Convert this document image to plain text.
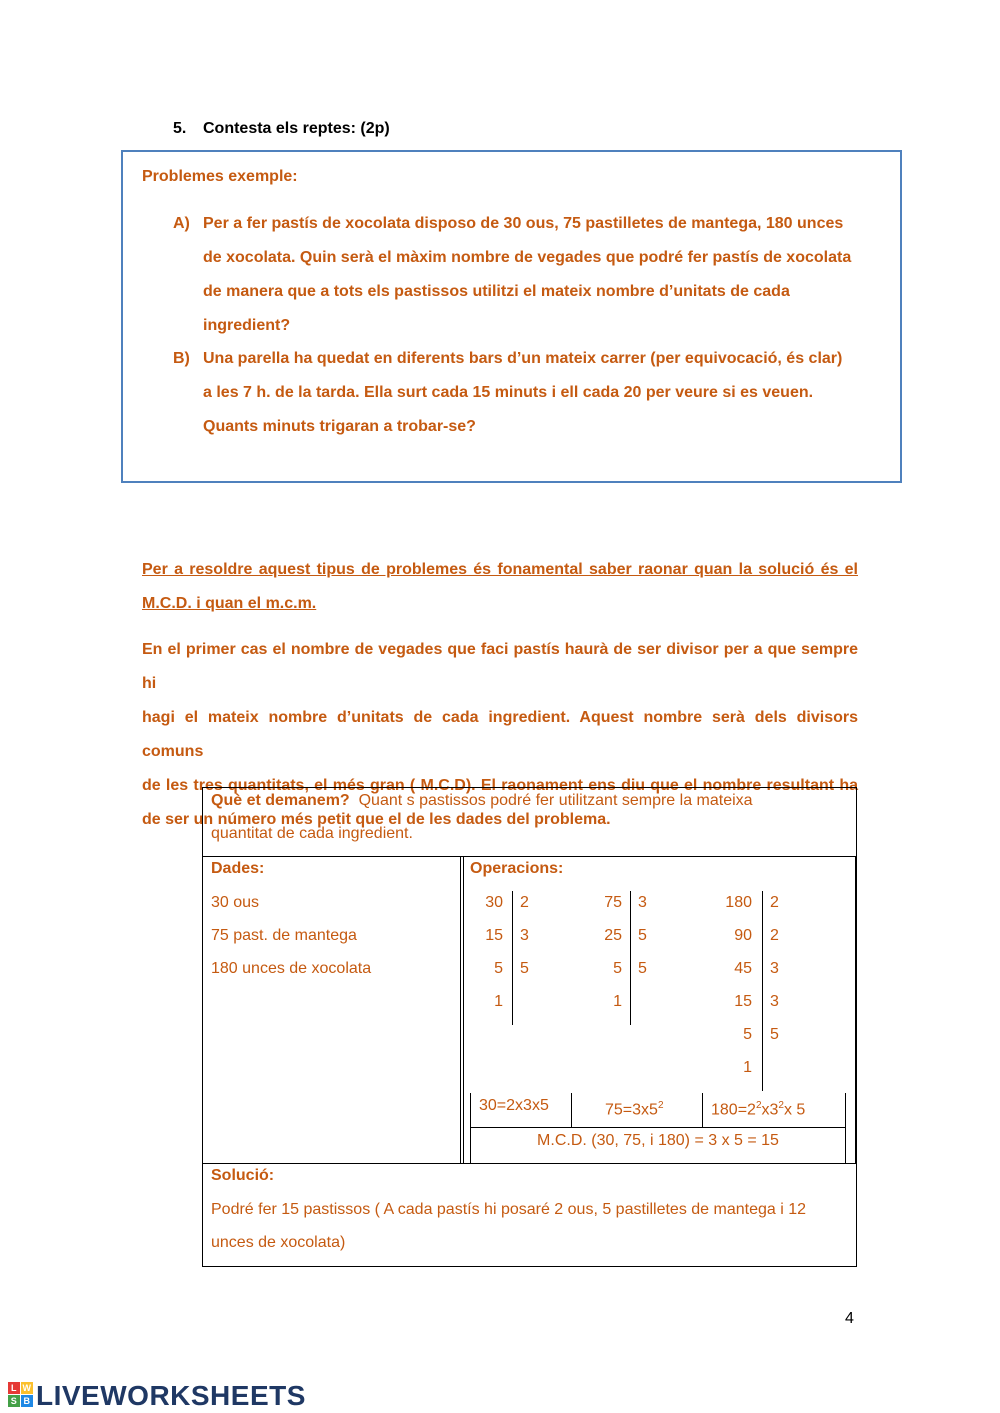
5. Contesta els reptes: (2p)
Problemes exemple:
A) Per a fer pastís de xocolata disposo de 30 ous, 75 pastilletes de mantega, 180 unces
de xocolata. Quin serà el màxim nombre de vegades que podré fer pastís de xocolata
de manera que a tots els pastissos utilitzi el mateix nombre d’unitats de cada
ingredient?
B) Una parella ha quedat en diferents bars d’un mateix carrer (per equivocació, és clar)
a les 7 h. de la tarda. Ella surt cada 15 minuts i ell cada 20 per veure si es veuen.
Quants minuts trigaran a trobar-se?
Per a resoldre aquest tipus de problemes és fonamental saber raonar quan la solució és el
M.C.D. i quan el m.c.m.
En el primer cas el nombre de vegades que faci pastís haurà de ser divisor per a que sempre hi
hagi el mateix nombre d’unitats de cada ingredient. Aquest nombre serà dels divisors comuns
de les tres quantitats, el més gran ( M.C.D). El raonament ens diu que el nombre resultant ha
de ser un número més petit que el de les dades del problema.
Què et demanem? Quant s pastissos podré fer utilitzant sempre la mateixa
quantitat de cada ingredient.
Dades:
30 ous
75 past. de mantega
180 unces de xocolata
Operacions:
30
15
5
1
2
3
5
75
25
5
1
3
5
5
180
90
45
15
5
1
2
2
3
3
5
30=2x3x5	$75=3x5^2$	$180=2^2x3^2x$ 5
M.C.D. (30, 75, i 180) = 3 x 5 = 15
Solució:
Podré fer 15 pastissos ( A cada pastís hi posaré 2 ous, 5 pastilletes de mantega i 12
unces de xocolata)
4
L W
S B LIVEWORKSHEETS
